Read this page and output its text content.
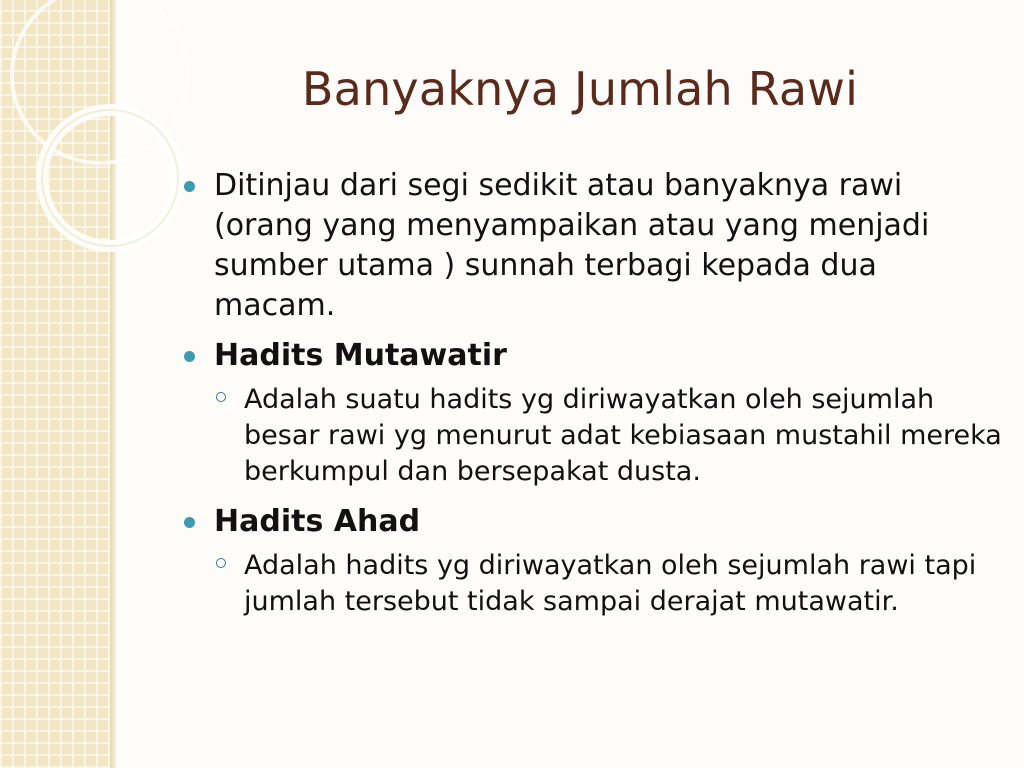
Banyaknya Jumlah Rawi
Ditinjau dari segi sedikit atau banyaknya rawi (orang yang menyampaikan atau yang menjadi sumber utama ) sunnah terbagi kepada dua macam.
Hadits Mutawatir
Adalah suatu hadits yg diriwayatkan oleh sejumlah besar rawi yg menurut adat kebiasaan mustahil mereka berkumpul dan bersepakat dusta.
Hadits Ahad
Adalah hadits yg diriwayatkan oleh sejumlah rawi tapi jumlah tersebut tidak sampai derajat mutawatir.
